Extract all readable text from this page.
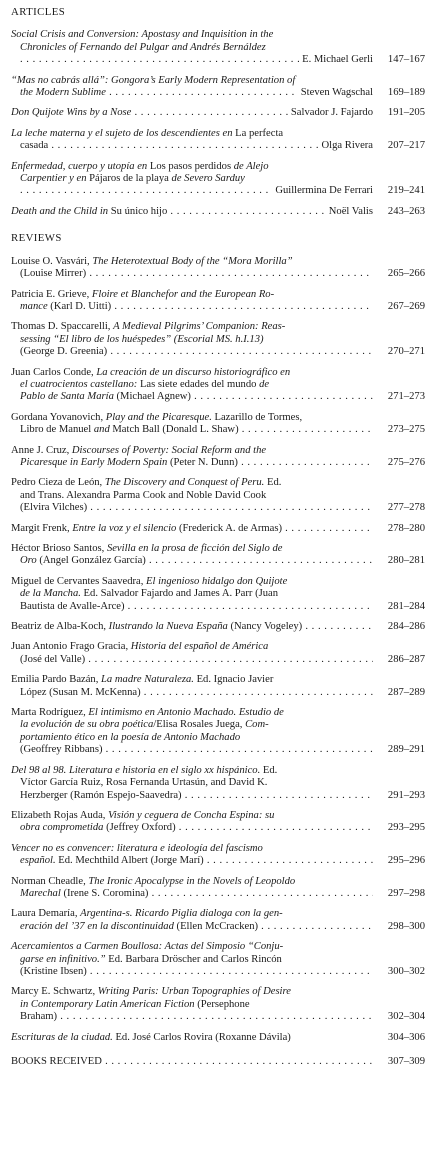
ARTICLES
Social Crisis and Conversion: Apostasy and Inquisition in the
Chronicles of Fernando del Pulgar and Andrés Bernáldez
. . .
E. Michael Gerli 147–167
“Mas no cabrás allá”: Gongora’s Early Modern Representation of
the Modern Sublime . . .	Steven Wagschal 169–189
Don Quijote Wins by a Nose . . .	Salvador J. Fajardo 191–205
La leche materna y el sujeto de los descendientes en La perfecta
casada . . .	Olga Rivera 207–217
Enfermedad, cuerpo y utopía en Los pasos perdidos de Alejo
Carpentier y en Pájaros de la playa de Severo Sarduy
. . .
Guillermina De Ferrari 219–241
Death and the Child in Su único hijo . . .	Noël Valis 243–263
REVIEWS
Louise O. Vasvári, The Heterotextual Body of the “Mora Morilla”
(Louise Mirrer) . . .	265–266
Patricia E. Grieve, Floire et Blanchefor and the European Ro-
mance (Karl D. Uitti) . . .	267–269
Thomas D. Spaccarelli, A Medieval Pilgrims’ Companion: Reas-
sessing “El libro de los huéspedes” (Escorial MS. h.I.13)
(George D. Greenia) . . .	270–271
Juan Carlos Conde, La creación de un discurso historiográfico en
el cuatrocientos castellano: Las siete edades del mundo de
Pablo de Santa María (Michael Agnew) . . .	271–273
Gordana Yovanovich, Play and the Picaresque. Lazarillo de Tormes,
Libro de Manuel and Match Ball (Donald L. Shaw) . . .	273–275
Anne J. Cruz, Discourses of Poverty: Social Reform and the
Picaresque in Early Modern Spain (Peter N. Dunn) . . .	275–276
Pedro Cieza de León, The Discovery and Conquest of Peru. Ed.
and Trans. Alexandra Parma Cook and Noble David Cook
(Elvira Vilches) . . .	277–278
Margit Frenk, Entre la voz y el silencio (Frederick A. de Armas) . . .	278–280
Héctor Brioso Santos, Sevilla en la prosa de ficción del Siglo de
Oro (Ángel González García) . . .	280–281
Miguel de Cervantes Saavedra, El ingenioso hidalgo don Quijote
de la Mancha. Ed. Salvador Fajardo and James A. Parr (Juan
Bautista de Avalle-Arce) . . .	281–284
Beatriz de Alba-Koch, Ilustrando la Nueva España (Nancy Vogeley) . . .	284–286
Juan Antonio Frago Gracia, Historia del español de América
(José del Valle) . . .	286–287
Emilia Pardo Bazán, La madre Naturaleza. Ed. Ignacio Javier
López (Susan M. McKenna) . . .	287–289
Marta Rodríguez, El intimismo en Antonio Machado. Estudio de
la evolución de su obra poética/Elisa Rosales Juega, Com-
portamiento ético en la poesía de Antonio Machado
(Geoffrey Ribbans) . . .	289–291
Del 98 al 98. Literatura e historia en el siglo xx hispánico. Ed.
Víctor García Ruiz, Rosa Fernanda Urtasún, and David K.
Herzberger (Ramón Espejo-Saavedra) . . .	291–293
Elizabeth Rojas Auda, Visión y ceguera de Concha Espina: su
obra comprometida (Jeffrey Oxford) . . .	293–295
Vencer no es convencer: literatura e ideología del fascismo
español. Ed. Mechthild Albert (Jorge Marí) . . .	295–296
Norman Cheadle, The Ironic Apocalypse in the Novels of Leopoldo
Marechal (Irene S. Coromina) . . .	297–298
Laura Demaría, Argentina-s. Ricardo Piglia dialoga con la gen-
eración del ’37 en la discontinuidad (Ellen McCracken) . . .	298–300
Acercamientos a Carmen Boullosa: Actas del Simposio “Conju-
garse en infinitivo.” Ed. Barbara Dröscher and Carlos Rincón
(Kristine Ibsen) . . .	300–302
Marcy E. Schwartz, Writing Paris: Urban Topographies of Desire
in Contemporary Latin American Fiction (Persephone
Braham) . . .	302–304
Escrituras de la ciudad. Ed. José Carlos Rovira (Roxanne Dávila)	304–306
BOOKS RECEIVED . . .	307–309
